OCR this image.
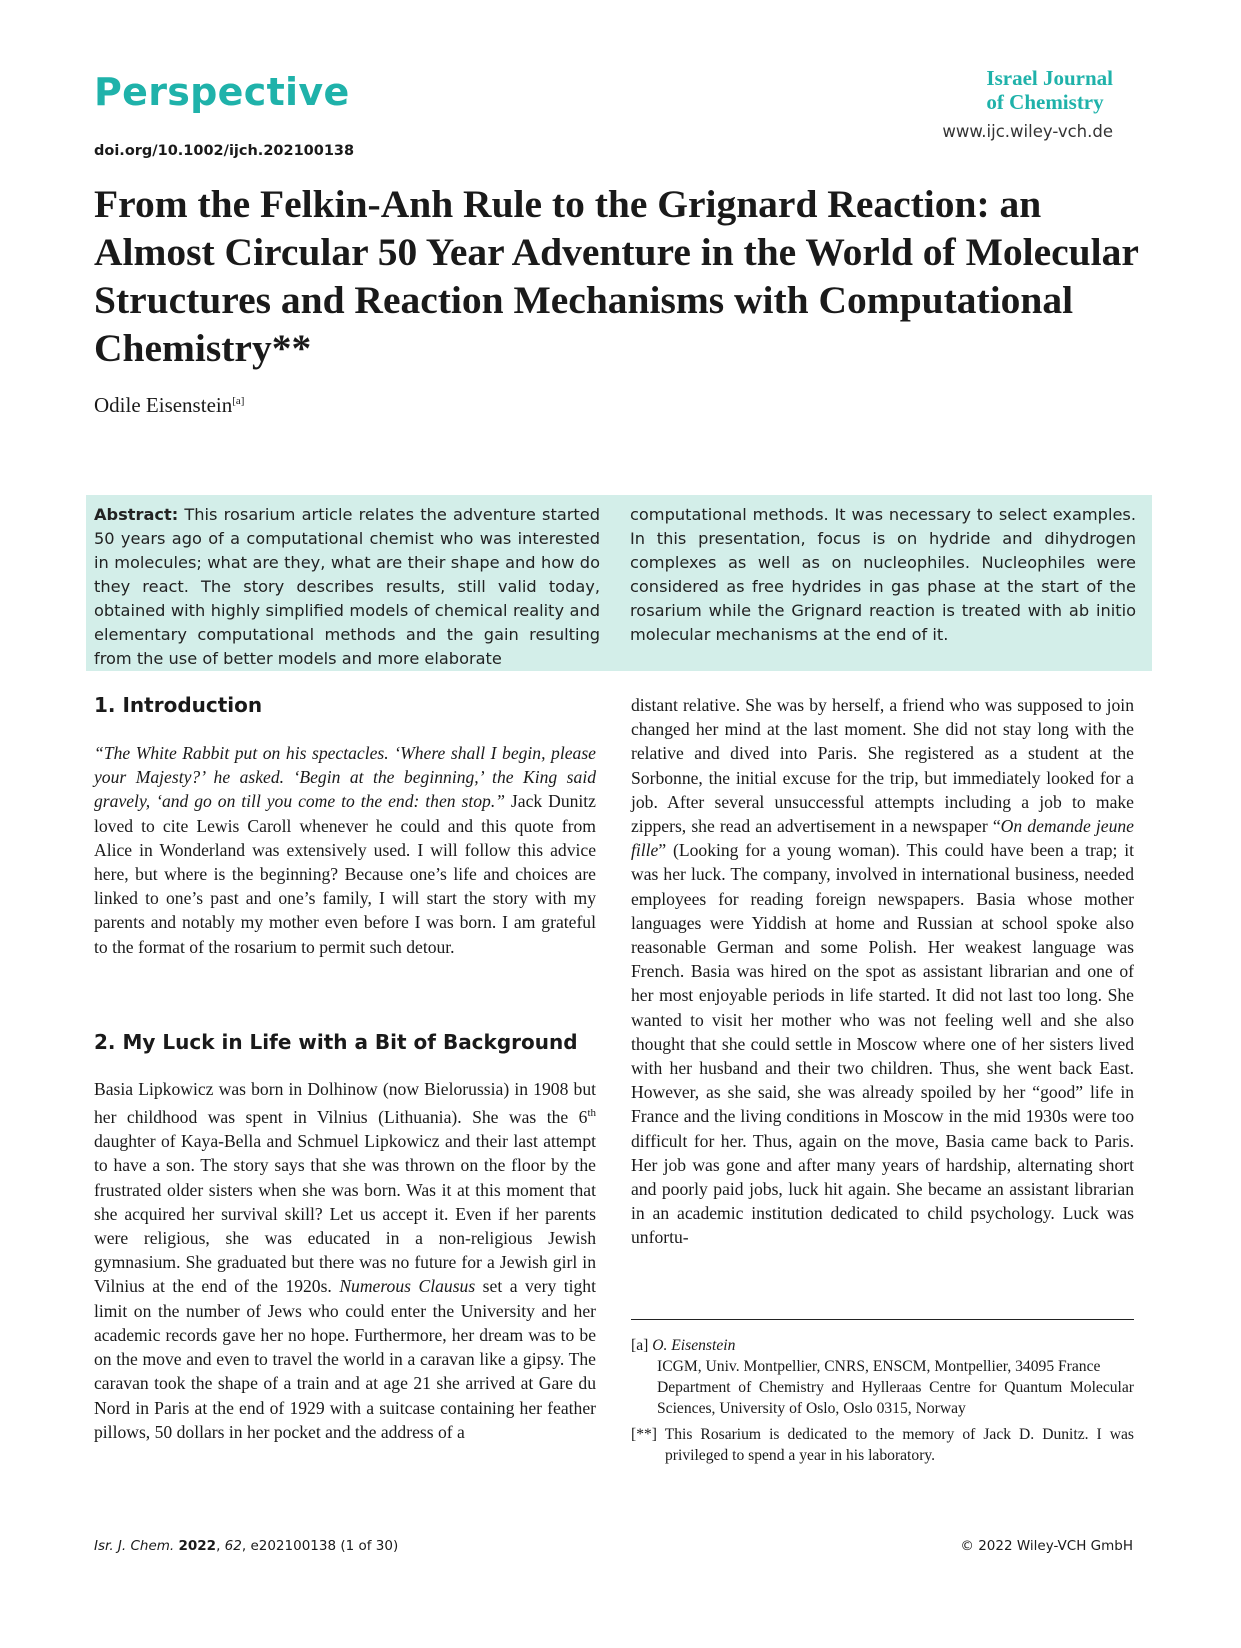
Perspective
doi.org/10.1002/ijch.202100138
Israel Journal
of Chemistry
www.ijc.wiley-vch.de
From the Felkin-Anh Rule to the Grignard Reaction: an Almost Circular 50 Year Adventure in the World of Molecular Structures and Reaction Mechanisms with Computational Chemistry**
Odile Eisenstein[a]
Abstract: This rosarium article relates the adventure started 50 years ago of a computational chemist who was interested in molecules; what are they, what are their shape and how do they react. The story describes results, still valid today, obtained with highly simplified models of chemical reality and elementary computational methods and the gain resulting from the use of better models and more elaborate
computational methods. It was necessary to select examples. In this presentation, focus is on hydride and dihydrogen complexes as well as on nucleophiles. Nucleophiles were considered as free hydrides in gas phase at the start of the rosarium while the Grignard reaction is treated with ab initio molecular mechanisms at the end of it.
1. Introduction
“The White Rabbit put on his spectacles. ‘Where shall I begin, please your Majesty?’ he asked. ‘Begin at the beginning,’ the King said gravely, ‘and go on till you come to the end: then stop.” Jack Dunitz loved to cite Lewis Caroll whenever he could and this quote from Alice in Wonderland was extensively used. I will follow this advice here, but where is the beginning? Because one’s life and choices are linked to one’s past and one’s family, I will start the story with my parents and notably my mother even before I was born. I am grateful to the format of the rosarium to permit such detour.
2. My Luck in Life with a Bit of Background
Basia Lipkowicz was born in Dolhinow (now Bielorussia) in 1908 but her childhood was spent in Vilnius (Lithuania). She was the 6th daughter of Kaya-Bella and Schmuel Lipkowicz and their last attempt to have a son. The story says that she was thrown on the floor by the frustrated older sisters when she was born. Was it at this moment that she acquired her survival skill? Let us accept it. Even if her parents were religious, she was educated in a non-religious Jewish gymnasium. She graduated but there was no future for a Jewish girl in Vilnius at the end of the 1920s. Numerous Clausus set a very tight limit on the number of Jews who could enter the University and her academic records gave her no hope. Furthermore, her dream was to be on the move and even to travel the world in a caravan like a gipsy. The caravan took the shape of a train and at age 21 she arrived at Gare du Nord in Paris at the end of 1929 with a suitcase containing her feather pillows, 50 dollars in her pocket and the address of a
distant relative. She was by herself, a friend who was supposed to join changed her mind at the last moment. She did not stay long with the relative and dived into Paris. She registered as a student at the Sorbonne, the initial excuse for the trip, but immediately looked for a job. After several unsuccessful attempts including a job to make zippers, she read an advertisement in a newspaper “On demande jeune fille” (Looking for a young woman). This could have been a trap; it was her luck. The company, involved in international business, needed employees for reading foreign newspapers. Basia whose mother languages were Yiddish at home and Russian at school spoke also reasonable German and some Polish. Her weakest language was French. Basia was hired on the spot as assistant librarian and one of her most enjoyable periods in life started. It did not last too long. She wanted to visit her mother who was not feeling well and she also thought that she could settle in Moscow where one of her sisters lived with her husband and their two children. Thus, she went back East. However, as she said, she was already spoiled by her “good” life in France and the living conditions in Moscow in the mid 1930s were too difficult for her. Thus, again on the move, Basia came back to Paris. Her job was gone and after many years of hardship, alternating short and poorly paid jobs, luck hit again. She became an assistant librarian in an academic institution dedicated to child psychology. Luck was unfortu-
[a] O. Eisenstein
ICGM, Univ. Montpellier, CNRS, ENSCM, Montpellier, 34095 France
Department of Chemistry and Hylleraas Centre for Quantum Molecular Sciences, University of Oslo, Oslo 0315, Norway
[**] This Rosarium is dedicated to the memory of Jack D. Dunitz. I was privileged to spend a year in his laboratory.
Isr. J. Chem. 2022, 62, e202100138 (1 of 30)	© 2022 Wiley-VCH GmbH
